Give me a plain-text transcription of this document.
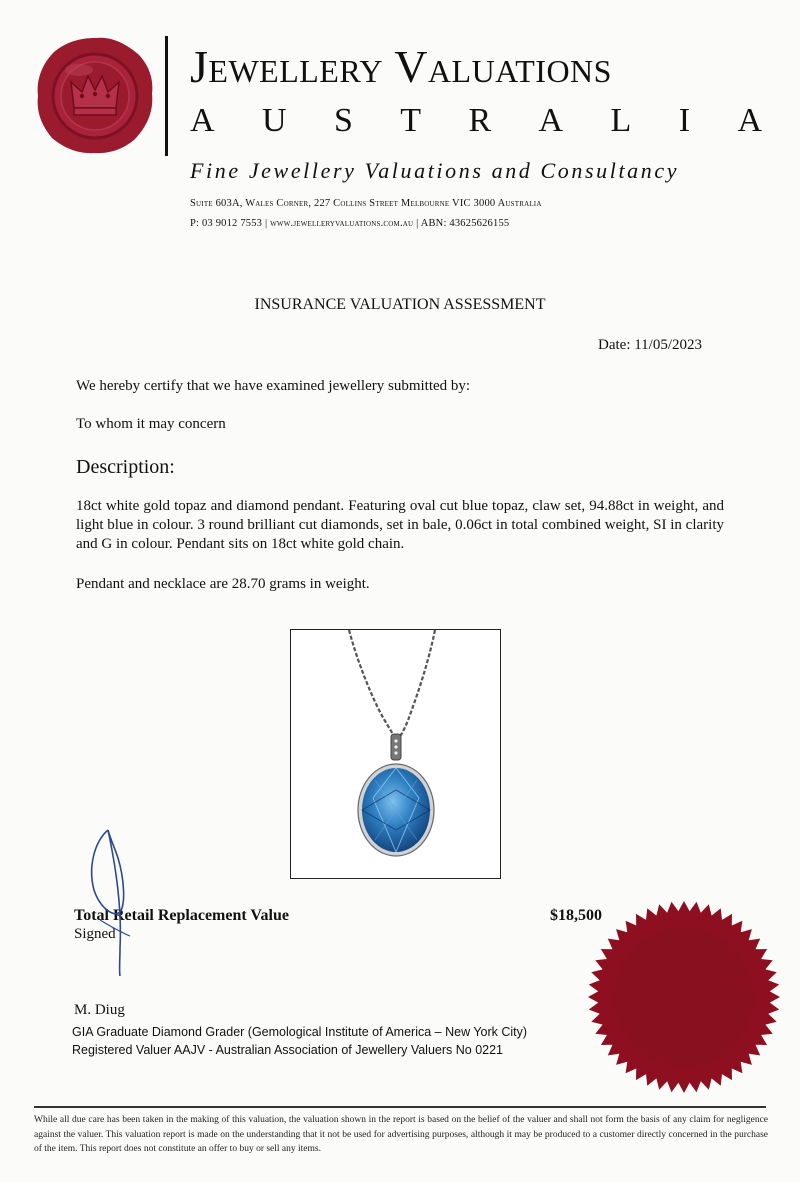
Jewellery Valuations
A U S T R A L I A
Fine Jewellery Valuations and Consultancy
Suite 603A, Wales Corner, 227 Collins Street Melbourne VIC 3000 Australia
P: 03 9012 7553 | www.jewelleryvaluations.com.au | ABN: 43625626155
INSURANCE VALUATION ASSESSMENT
Date: 11/05/2023
We hereby certify that we have examined jewellery submitted by:
To whom it may concern
Description:
18ct white gold topaz and diamond pendant. Featuring oval cut blue topaz, claw set, 94.88ct in weight, and light blue in colour. 3 round brilliant cut diamonds, set in bale, 0.06ct in total combined weight, SI in clarity and G in colour. Pendant sits on 18ct white gold chain.
Pendant and necklace are 28.70 grams in weight.
Total Retail Replacement Value	$18,500
Signed
M. Diug
GIA Graduate Diamond Grader (Gemological Institute of America – New York City)
Registered Valuer AAJV - Australian Association of Jewellery Valuers No 0221
While all due care has been taken in the making of this valuation, the valuation shown in the report is based on the belief of the valuer and shall not form the basis of any claim for negligence against the valuer. This valuation report is made on the understanding that it not be used for advertising purposes, although it may be produced to a customer directly concerned in the purchase of the item. This report does not constitute an offer to buy or sell any items.
